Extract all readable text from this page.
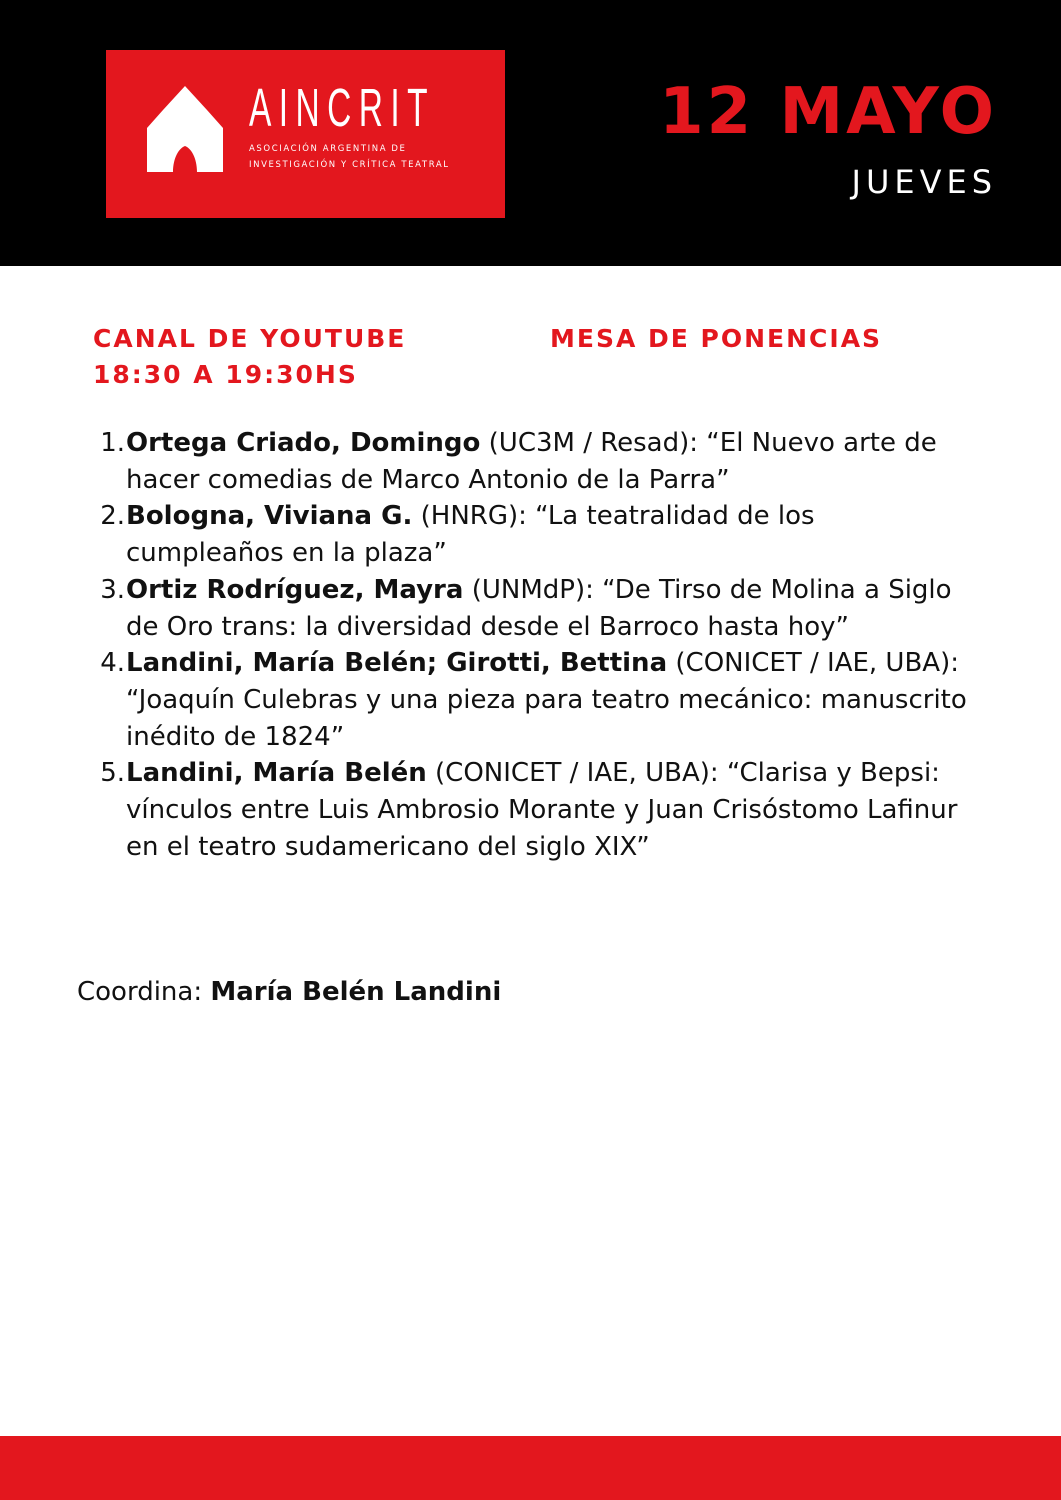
AINCRIT
ASOCIACIÓN ARGENTINA DE
INVESTIGACIÓN Y CRÍTICA TEATRAL
12 MAYO
JUEVES
CANAL DE YOUTUBE
18:30 A 19:30HS
MESA DE PONENCIAS
1. Ortega Criado, Domingo (UC3M / Resad): “El Nuevo arte de hacer comedias de Marco Antonio de la Parra”
2. Bologna, Viviana G. (HNRG): “La teatralidad de los cumpleaños en la plaza”
3. Ortiz Rodríguez, Mayra (UNMdP): “De Tirso de Molina a Siglo de Oro trans: la diversidad desde el Barroco hasta hoy”
4. Landini, María Belén; Girotti, Bettina (CONICET / IAE, UBA): “Joaquín Culebras y una pieza para teatro mecánico: manuscrito inédito de 1824”
5. Landini, María Belén (CONICET / IAE, UBA): “Clarisa y Bepsi: vínculos entre Luis Ambrosio Morante y Juan Crisóstomo Lafinur en el teatro sudamericano del siglo XIX”
Coordina: María Belén Landini
